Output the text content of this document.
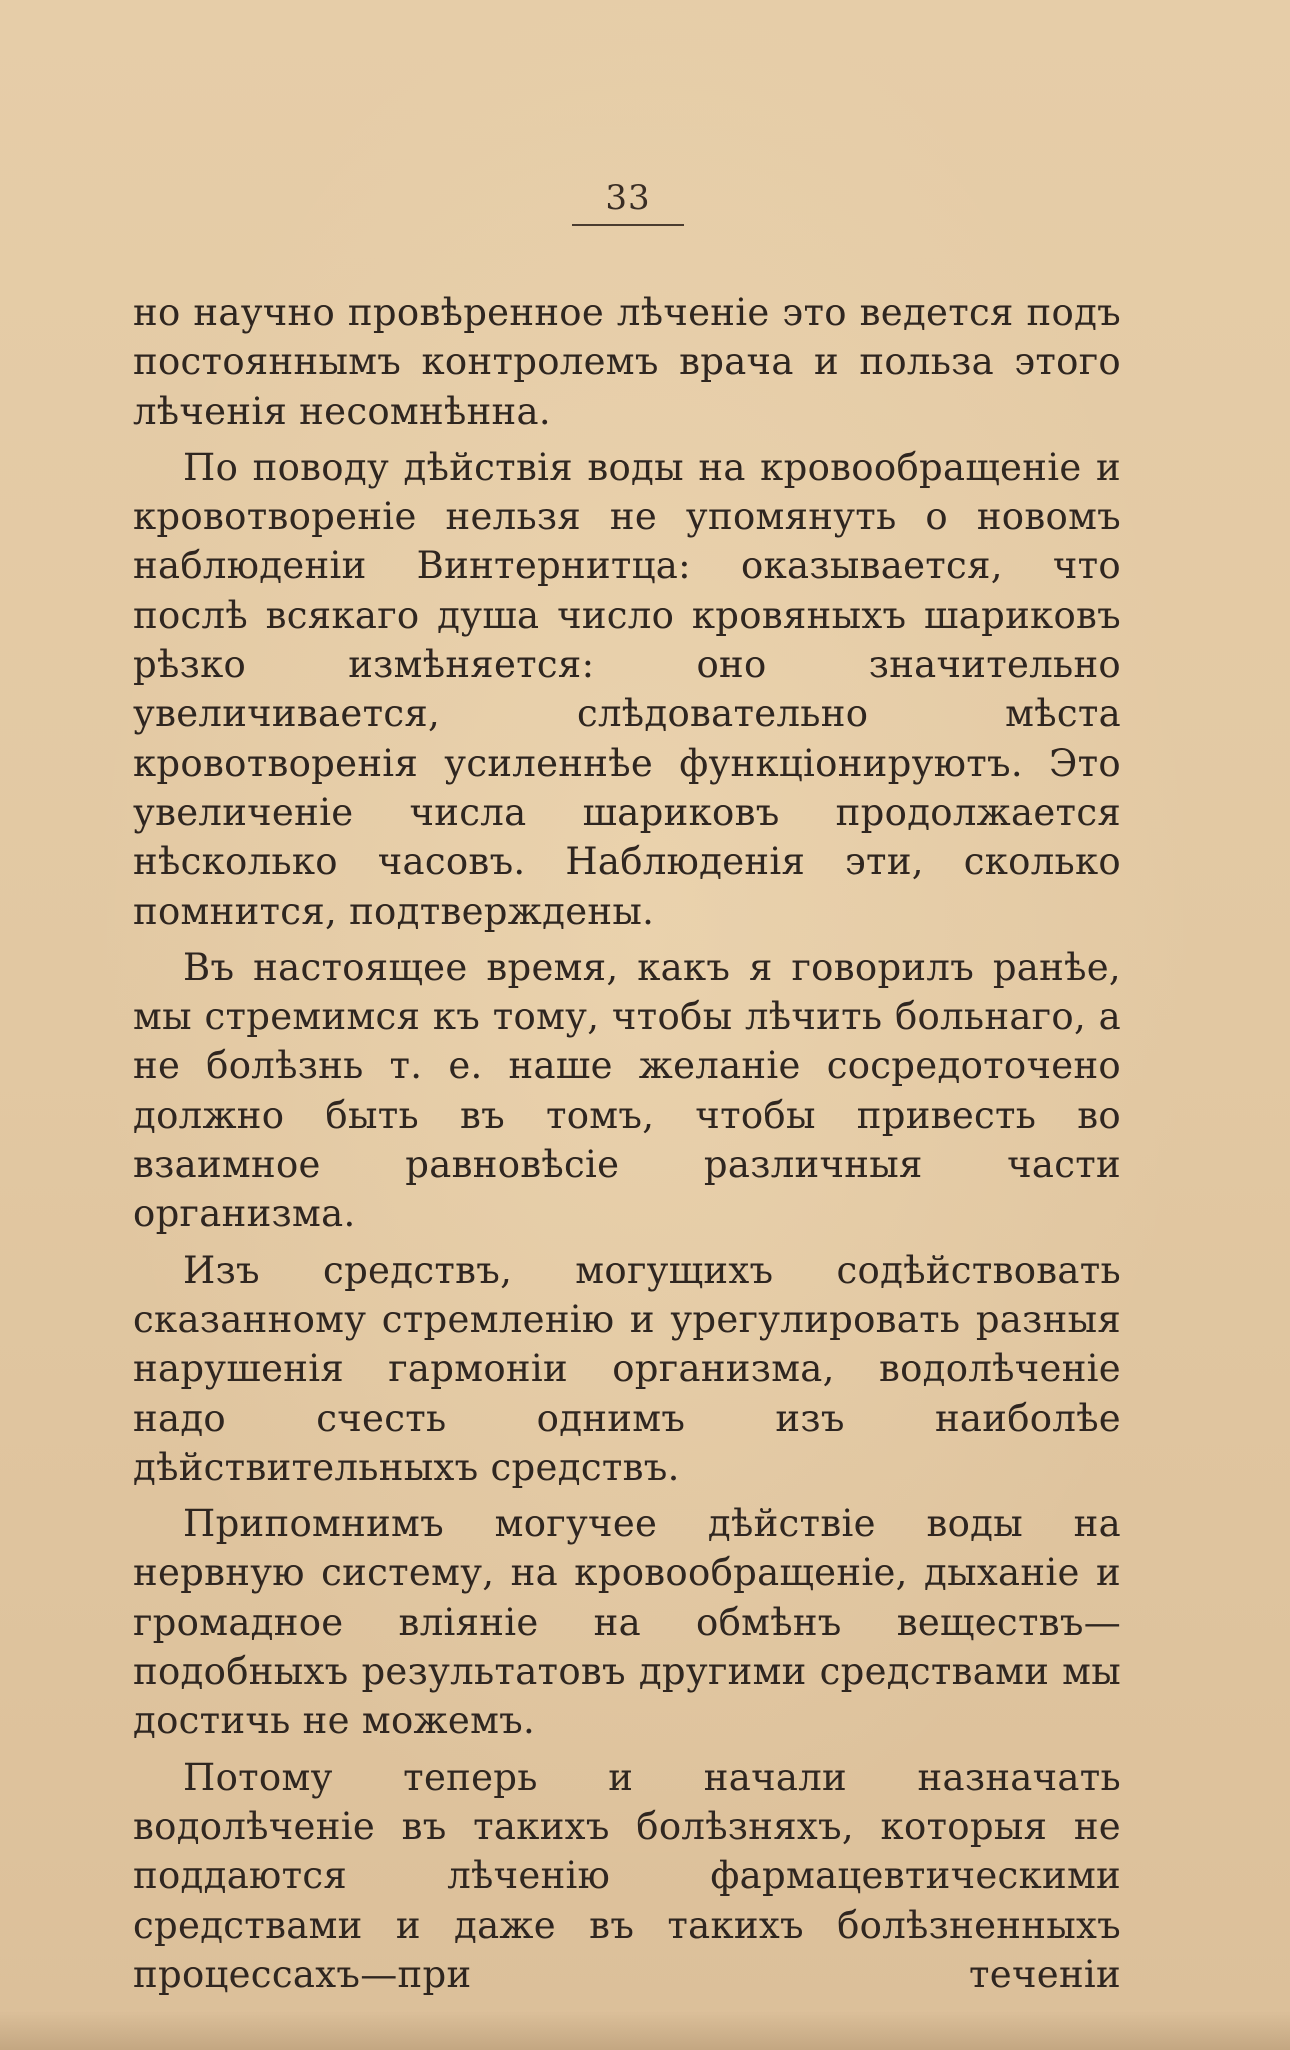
33

но научно провѣренное лѣченіе это ведется подъ постояннымъ контролемъ врача и польза этого лѣченія несомнѣнна.

По поводу дѣйствія воды на кровообращеніе и кровотвореніе нельзя не упомянуть о новомъ наблюденіи Винтернитца: оказывается, что послѣ всякаго душа число кровяныхъ шариковъ рѣзко измѣняется: оно значительно увеличивается, слѣдовательно мѣста кровотворенія усиленнѣе функціонируютъ. Это увеличеніе числа шариковъ продолжается нѣсколько часовъ. Наблюденія эти, сколько помнится, подтверждены.

Въ настоящее время, какъ я говорилъ ранѣе, мы стремимся къ тому, чтобы лѣчить больнаго, а не болѣзнь т. е. наше желаніе сосредоточено должно быть въ томъ, чтобы привесть во взаимное равновѣсіе различныя части организма.

Изъ средствъ, могущихъ содѣйствовать сказанному стремленію и урегулировать разныя нарушенія гармоніи организма, водолѣченіе надо счесть однимъ изъ наиболѣе дѣйствительныхъ средствъ.

Припомнимъ могучее дѣйствіе воды на нервную систему, на кровообращеніе, дыханіе и громадное вліяніе на обмѣнъ веществъ—подобныхъ результатовъ другими средствами мы достичь не можемъ.

Потому теперь и начали назначать водолѣченіе въ такихъ болѣзняхъ, которыя не поддаются лѣченію фармацевтическими средствами и даже въ такихъ болѣзненныхъ процессахъ—при теченіи
